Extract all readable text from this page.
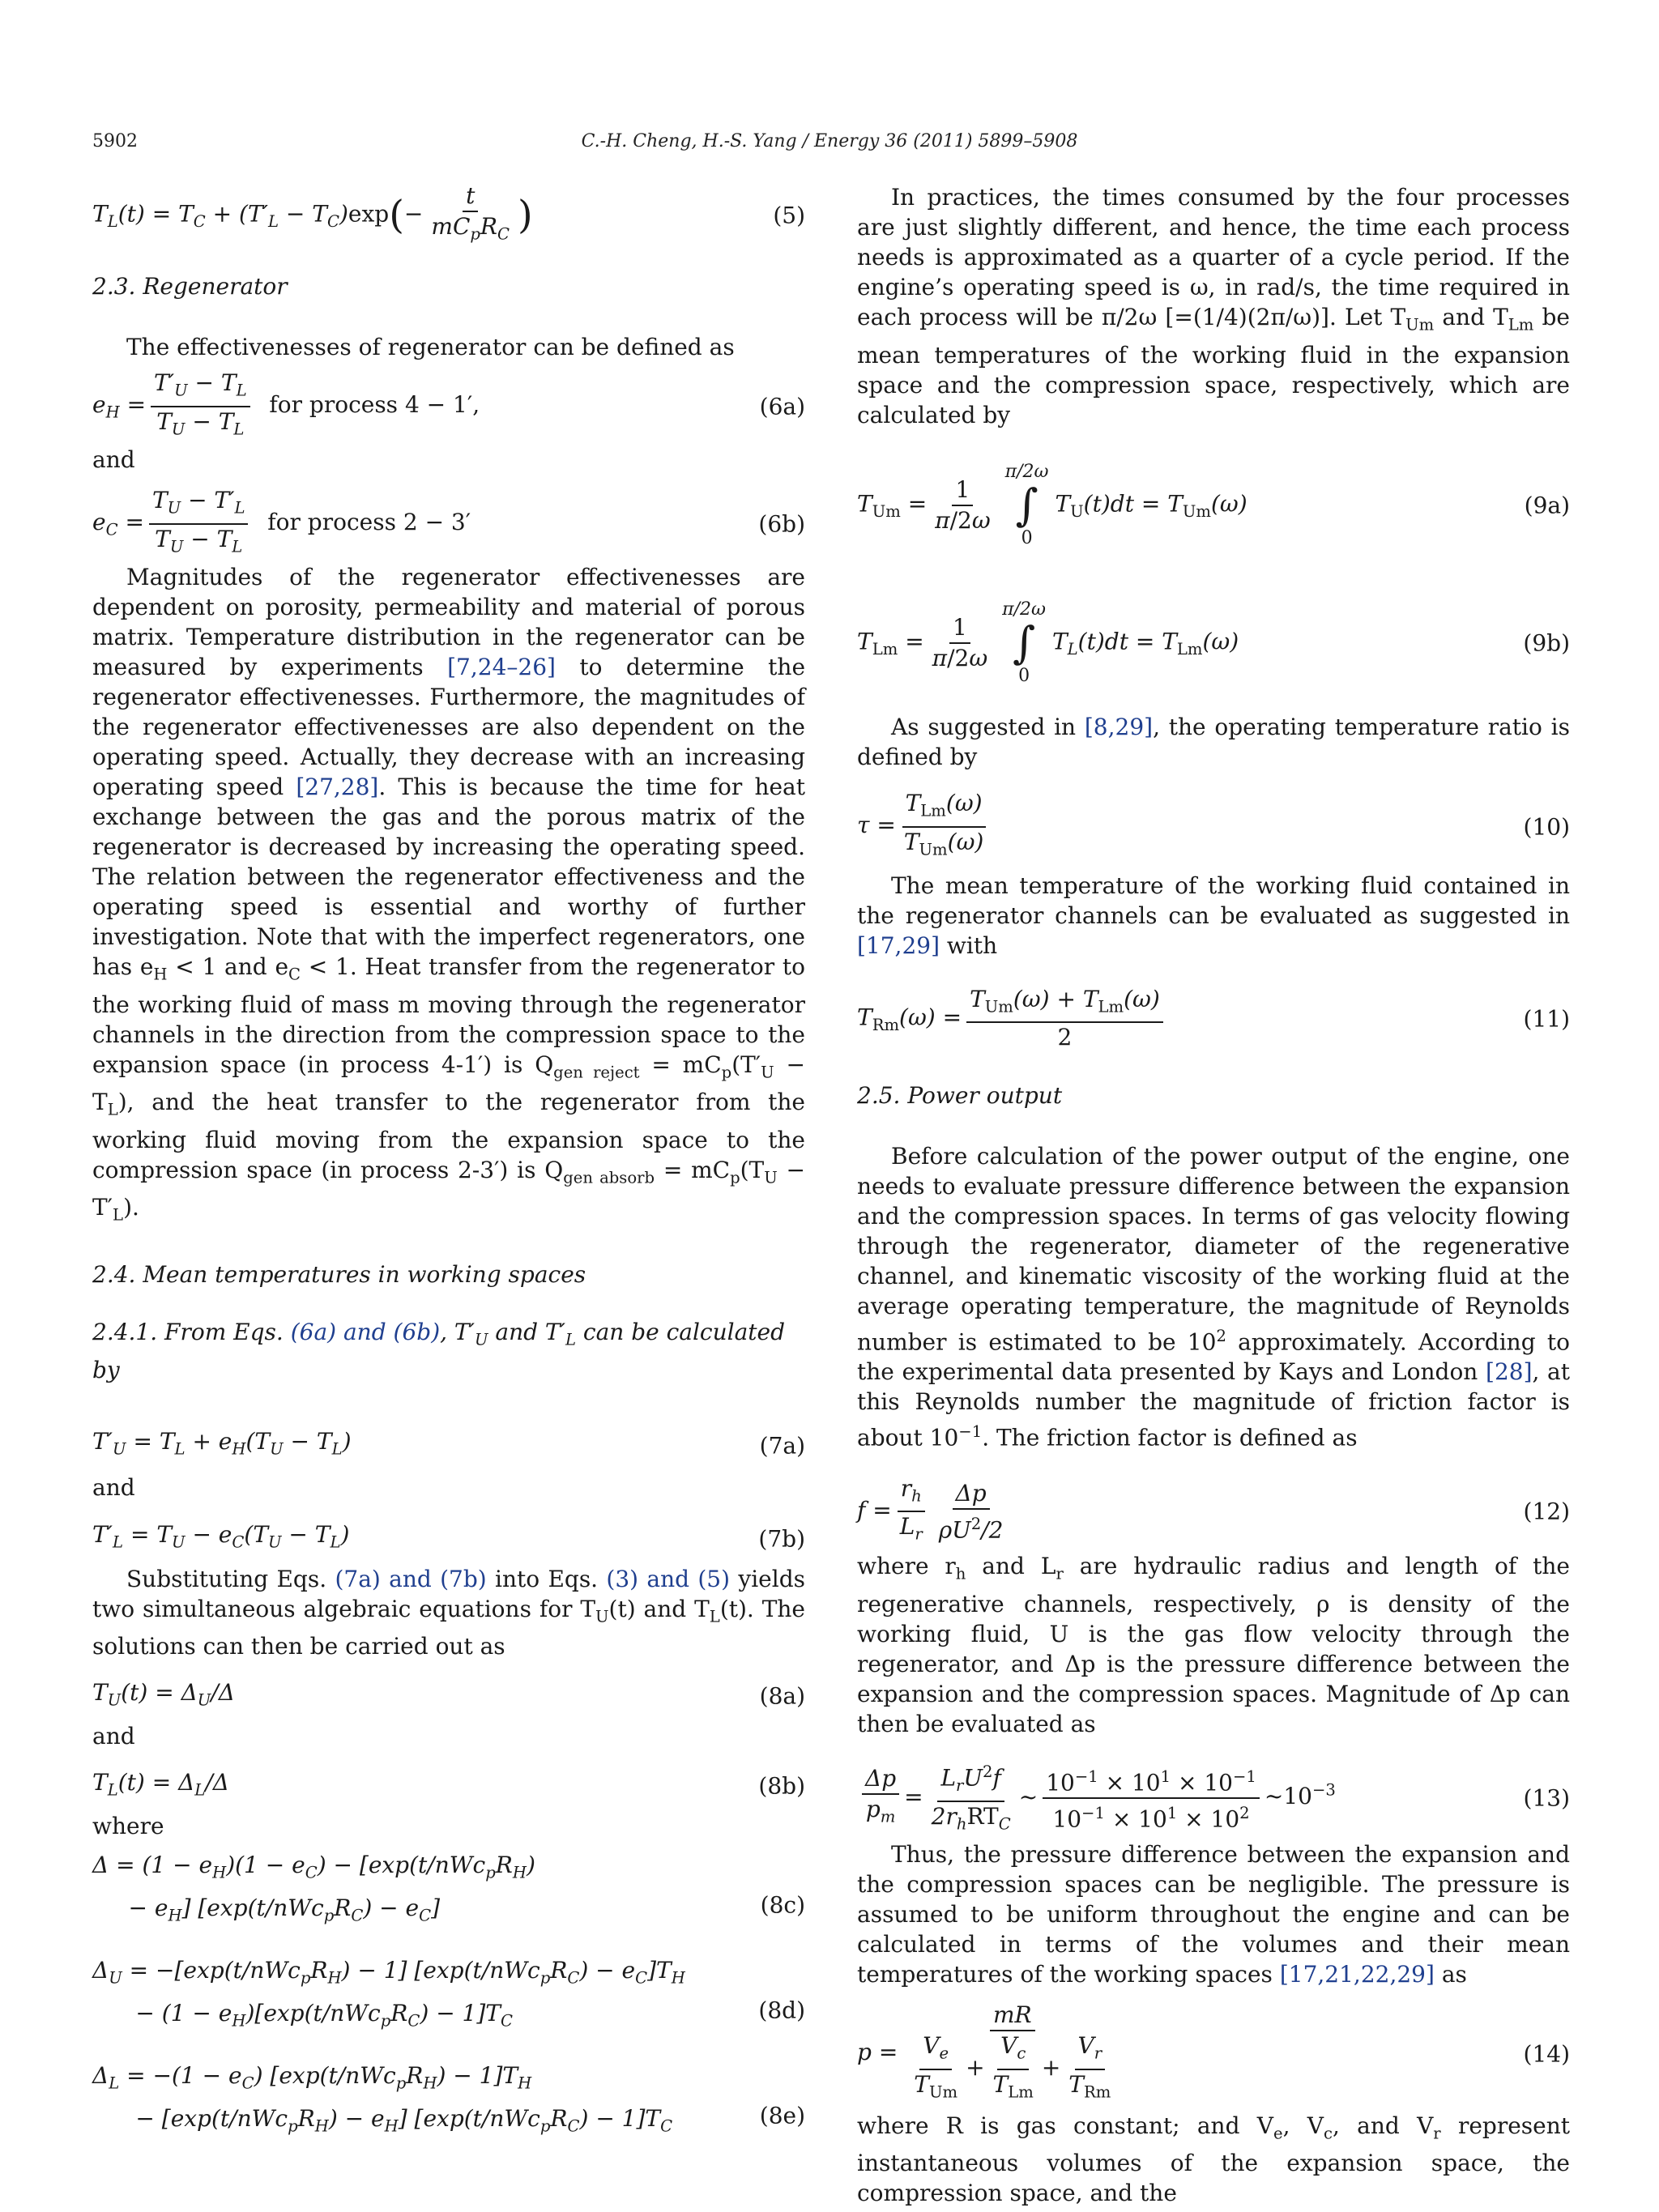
5902	C.-H. Cheng, H.-S. Yang / Energy 36 (2011) 5899–5908
$T_L(t) = T_C + (T'_L - T_C)\exp(- \frac{t}{mC_pR_C}$ )	(5)
2.3. Regenerator

The effectivenesses of regenerator can be defined as

$e_H = \frac{T'_U - T_L}{T_U - T_L}$ for process 4 − 1′,	(6a)

and

$e_C = \frac{T_U - T'_L}{T_U - T_L}$ for process 2 − 3′	(6b)

Magnitudes of the regenerator effectivenesses are dependent on porosity, permeability and material of porous matrix. Temperature distribution in the regenerator can be measured by experiments [7,24–26] to determine the regenerator effectivenesses. Furthermore, the magnitudes of the regenerator effectivenesses are also dependent on the operating speed. Actually, they decrease with an increasing operating speed [27,28]. This is because the time for heat exchange between the gas and the porous matrix of the regenerator is decreased by increasing the operating speed. The relation between the regenerator effectiveness and the operating speed is essential and worthy of further investigation. Note that with the imperfect regenerators, one has $e_H < 1$ and $e_C < 1$. Heat transfer from the regenerator to the working fluid of mass m moving through the regenerator channels in the direction from the compression space to the expansion space (in process 4-1′) is $Q_{gen reject} = mC_p(T'_U - T_L)$, and the heat transfer to the regenerator from the working fluid moving from the expansion space to the compression space (in process 2-3′) is $Q_{gen absorb} = mC_p(T_U - T'_L)$.

2.4. Mean temperatures in working spaces
2.4.1. From Eqs. (6a) and (6b), $T'_U$ and $T'_L$ can be calculated by
$T'_U = T_L + e_H(T_U - T_L)$	(7a)

and

$T'_L = T_U - e_C(T_U - T_L)$	(7b)

Substituting Eqs. (7a) and (7b) into Eqs. (3) and (5) yields two simultaneous algebraic equations for $T_U(t)$ and $T_L(t)$. The solutions can then be carried out as

$T_U(t) = \Delta_U/\Delta$	(8a)

and

$T_L(t) = \Delta_L/\Delta$	(8b)

where

$\Delta = (1 - e_H)(1 - e_C) - [\exp(t/nWc_pR_H)$
− $e_H$] $[\exp(t/nWc_pR_C) - e_C]$	(8c)
$\Delta_U = -[\exp(t/nWc_pR_H) - 1] [\exp(t/nWc_pR_C) - e_C]T_H$
− $(1 - e_H)[\exp(t/nWc_pR_C) - 1]T_C$	(8d)
$\Delta_L = -(1 - e_C) [\exp(t/nWc_pR_H) - 1]T_H$
− $[\exp(t/nWc_pR_H) - e_H] [\exp(t/nWc_pR_C) - 1]T_C$	(8e)

In practices, the times consumed by the four processes are just slightly different, and hence, the time each process needs is approximated as a quarter of a cycle period. If the engine’s operating speed is ω, in rad/s, the time required in each process will be π/2ω [=(1/4)(2π/ω)]. Let $T_{Um}$ and $T_{Lm}$ be mean temperatures of the working fluid in the expansion space and the compression space, respectively, which are calculated by

$T_{Um} = \frac{1}{\pi/2\omega}$
π/2ω
∫
0
$T_U(t)dt = T_{Um}(\omega)$	(9a)
$T_{Lm} = \frac{1}{\pi/2\omega}$
π/2ω
∫
0
$T_L(t)dt = T_{Lm}(\omega)$	(9b)

As suggested in [8,29], the operating temperature ratio is defined by

$\tau = \frac{T_{Lm}(\omega)}{T_{Um}(\omega)}$	(10)

The mean temperature of the working fluid contained in the regenerator channels can be evaluated as suggested in [17,29] with

$T_{Rm}(\omega) = \frac{T_{Um}(\omega) + T_{Lm}(\omega)}{2}$	(11)
2.5. Power output

Before calculation of the power output of the engine, one needs to evaluate pressure difference between the expansion and the compression spaces. In terms of gas velocity flowing through the regenerator, diameter of the regenerative channel, and kinematic viscosity of the working fluid at the average operating temperature, the magnitude of Reynolds number is estimated to be $10^2$ approximately. According to the experimental data presented by Kays and London [28], at this Reynolds number the magnitude of friction factor is about $10^{-1}$. The friction factor is defined as

$f = \frac{r_h}{L_r} \frac{\Delta p}{\rho U^2/2}$	(12)

where $r_h$ and $L_r$ are hydraulic radius and length of the regenerative channels, respectively, ρ is density of the working fluid, U is the gas flow velocity through the regenerator, and Δp is the pressure difference between the expansion and the compression spaces. Magnitude of Δp can then be evaluated as

$\frac{\Delta p}{p_m} = \frac{L_rU^2f}{2r_hRT_C}$ ~ $\frac{10^{-1} \times 10^1 \times 10^{-1}}{10^{-1} \times 10^1 \times 10^2}$ $\sim 10^{-3}$	(13)

Thus, the pressure difference between the expansion and the compression spaces can be negligible. The pressure is assumed to be uniform throughout the engine and can be calculated in terms of the volumes and their mean temperatures of the working spaces [17,21,22,29] as

$p = \frac{mR}{\frac{V_e}{T_{Um}} + \frac{V_c}{T_{Lm}} + \frac{V_r}{T_{Rm}}}$	(14)

where R is gas constant; and $V_e$, $V_c$, and $V_r$ represent instantaneous volumes of the expansion space, the compression space, and the
